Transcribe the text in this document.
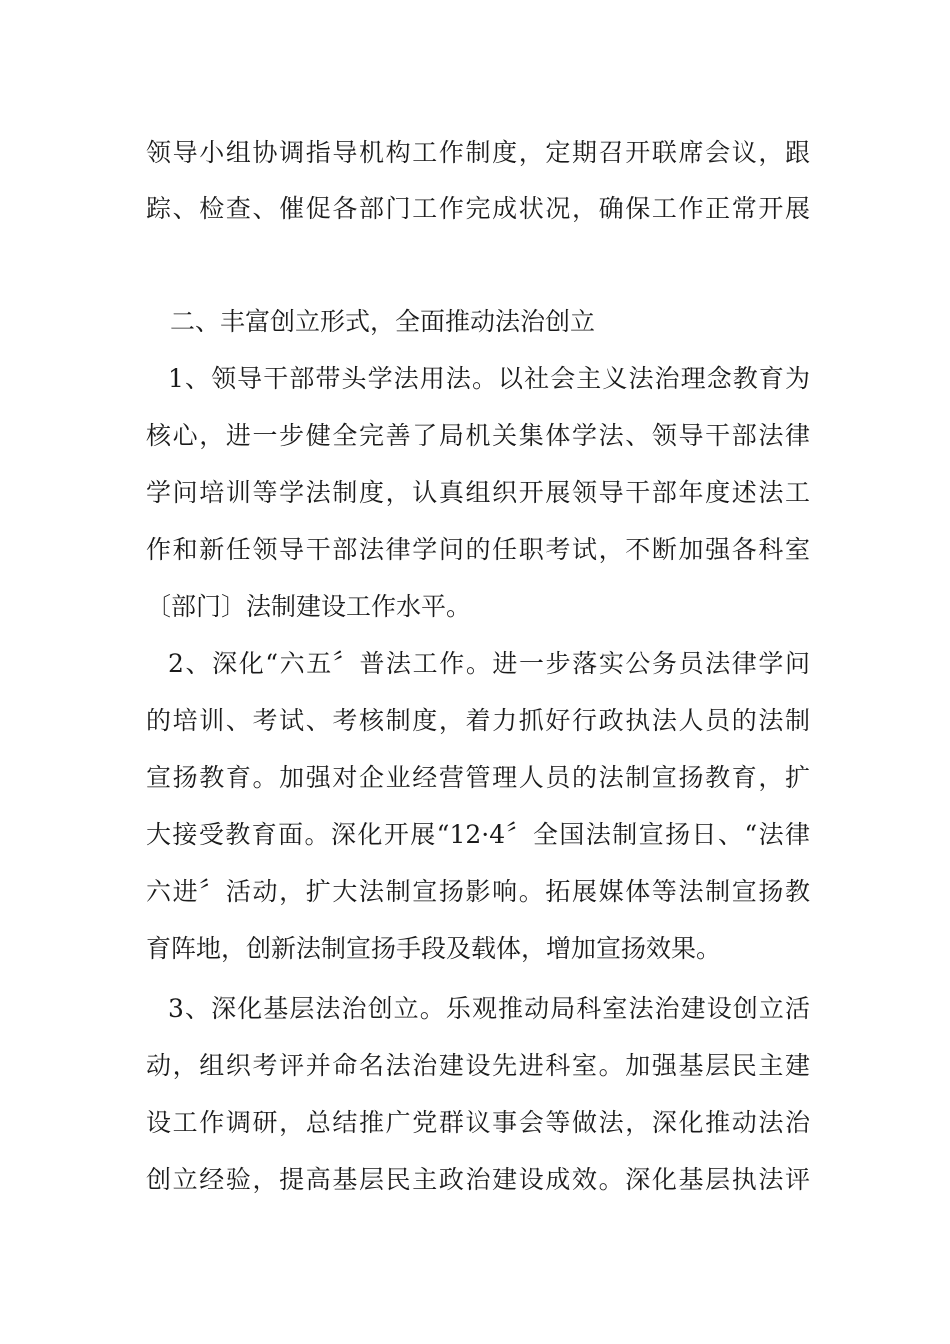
领导小组协调指导机构工作制度，定期召开联席会议，跟
踪、检查、催促各部门工作完成状况，确保工作正常开展
二、丰富创立形式，全面推动法治创立
1、领导干部带头学法用法。以社会主义法治理念教育为
核心，进一步健全完善了局机关集体学法、领导干部法律
学问培训等学法制度，认真组织开展领导干部年度述法工
作和新任领导干部法律学问的任职考试，不断加强各科室
〔部门〕法制建设工作水平。
2、深化“六五〞普法工作。进一步落实公务员法律学问
的培训、考试、考核制度，着力抓好行政执法人员的法制
宣扬教育。加强对企业经营管理人员的法制宣扬教育，扩
大接受教育面。深化开展“12·4〞全国法制宣扬日、“法律
六进〞活动，扩大法制宣扬影响。拓展媒体等法制宣扬教
育阵地，创新法制宣扬手段及载体，增加宣扬效果。
3、深化基层法治创立。乐观推动局科室法治建设创立活
动，组织考评并命名法治建设先进科室。加强基层民主建
设工作调研，总结推广党群议事会等做法，深化推动法治
创立经验，提高基层民主政治建设成效。深化基层执法评
